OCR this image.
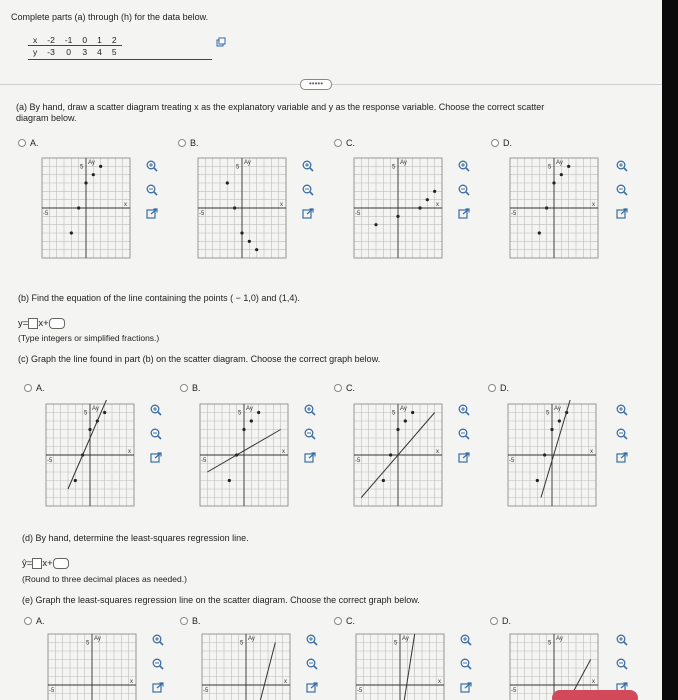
Complete parts (a) through (h) for the data below.
x	-2	-1	0	1	2
y	-3	0	3	4	5
•••••
(a) By hand, draw a scatter diagram treating x as the explanatory variable and y as the response variable. Choose the correct scatter
diagram below.
A.	B.	C.	D.
Ay
x
5
-5
Ay
x
5
-5
Ay
x
5
-5
Ay
x
5
-5
(b) Find the equation of the line containing the points ( − 1,0) and (1,4).
y= x+
(Type integers or simplified fractions.)
(c) Graph the line found in part (b) on the scatter diagram. Choose the correct graph below.
A.	B.	C.	D.
Ay
x
5
-5
Ay
x
5
-5
Ay
x
5
-5
Ay
x
5
-5
(d) By hand, determine the least-squares regression line.
ŷ= x+
(Round to three decimal places as needed.)
(e) Graph the least-squares regression line on the scatter diagram. Choose the correct graph below.
A.	B.	C.	D.
Ay
x
5
-5
Ay
x
5
-5
Ay
x
5
-5
Ay
x
5
-5
